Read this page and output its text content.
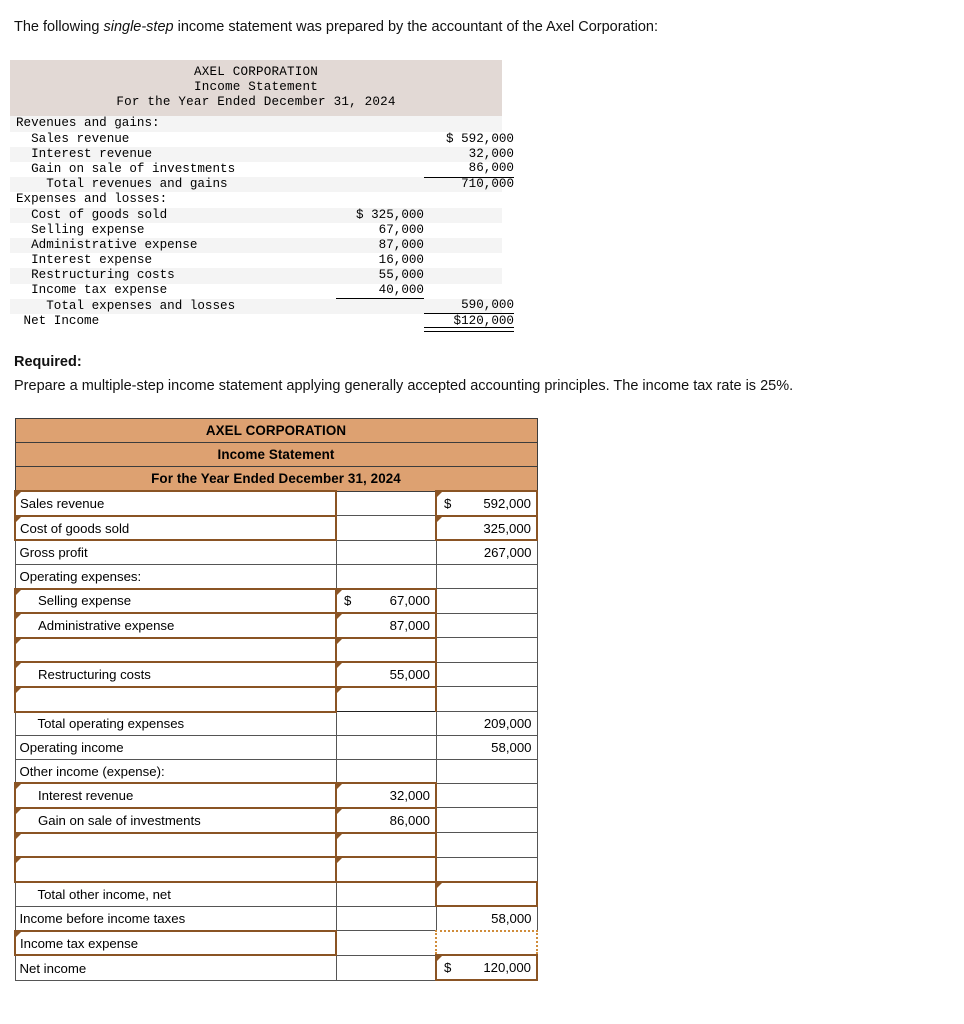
The following single-step income statement was prepared by the accountant of the Axel Corporation:
AXEL CORPORATION
Income Statement
For the Year Ended December 31, 2024
Revenues and gains:
Sales revenue	$ 592,000
Interest revenue	32,000
Gain on sale of investments	86,000
Total revenues and gains	710,000
Expenses and losses:
Cost of goods sold	$ 325,000
Selling expense	67,000
Administrative expense	87,000
Interest expense	16,000
Restructuring costs	55,000
Income tax expense	40,000
Total expenses and losses	590,000
Net Income	$120,000
Required:
Prepare a multiple-step income statement applying generally accepted accounting principles. The income tax rate is 25%.
AXEL CORPORATION		
Income Statement		
For the Year Ended December 31, 2024		
Sales revenue		$ 592,000
Cost of goods sold		325,000
Gross profit		267,000
Operating expenses:		
Selling expense	$ 67,000	
Administrative expense	87,000	

Restructuring costs	55,000	

Total operating expenses		209,000
Operating income		58,000
Other income (expense):		
Interest revenue	32,000	
Gain on sale of investments	86,000	

Total other income, net		
Income before income taxes		58,000
Income tax expense		
Net income		$ 120,000
